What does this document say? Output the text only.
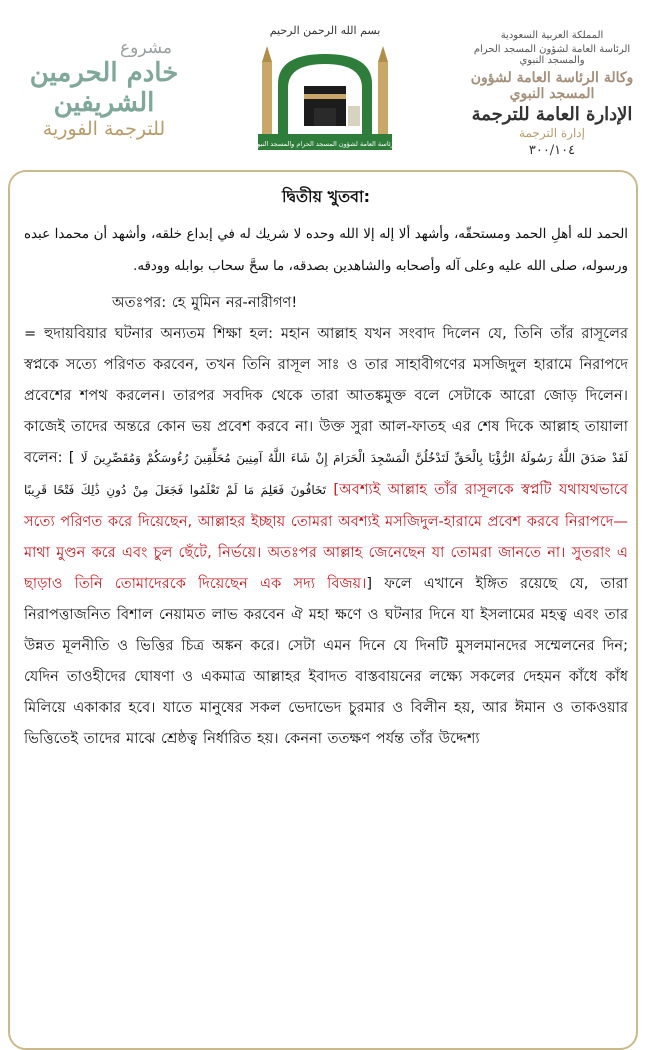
مشروع
خادم الحرمين الشريفين
للترجمة الفورية
بسم الله الرحمن الرحيم
الرئاسة العامة لشؤون المسجد الحرام والمسجد النبوي
المملكة العربية السعودية
الرئاسة العامة لشؤون المسجد الحرام والمسجد النبوي
وكالة الرئاسة العامة لشؤون المسجد النبوي
الإدارة العامة للترجمة
إدارة الترجمة
٣٠٠/١٠٤
দ্বিতীয় খুতবা:

الحمد لله أهلِ الحمد ومستحقّه، وأشهد ألا إله إلا الله وحده لا شريك له في إبداع خلقه، وأشهد أن محمدا عبده ورسوله، صلى الله عليه وعلى آله وأصحابه والشاهدين بصدقه، ما سحَّ سحاب بوابله وودقه.

অতঃপর: হে মুমিন নর-নারীগণ!

= হুদায়বিয়ার ঘটনার অন্যতম শিক্ষা হল: মহান আল্লাহ যখন সংবাদ দিলেন যে, তিনি তাঁর রাসূলের স্বপ্নকে সত্যে পরিণত করবেন, তখন তিনি রাসূল সাঃ ও তার সাহাবীগণের মসজিদুল হারামে নিরাপদে প্রবেশের শপথ করলেন। তারপর সবদিক থেকে তারা আতঙ্কমুক্ত বলে সেটাকে আরো জোড় দিলেন। কাজেই তাদের অন্তরে কোন ভয় প্রবেশ করবে না। উক্ত সুরা আল-ফাতহ এর শেষ দিকে আল্লাহ তায়ালা বলেন: [ لَقَدْ صَدَقَ اللَّهُ رَسُولَهُ الرُّؤْيَا بِالْحَقِّ لَتَدْخُلُنَّ الْمَسْجِدَ الْحَرَامَ إِنْ شَاءَ اللَّهُ آمِنِينَ مُحَلِّقِينَ رُءُوسَكُمْ وَمُقَصِّرِينَ لَا تَخَافُونَ فَعَلِمَ مَا لَمْ تَعْلَمُوا فَجَعَلَ مِنْ دُونِ ذَٰلِكَ فَتْحًا قَرِيبًا [অবশ্যই আল্লাহ তাঁর রাসূলকে স্বপ্নটি যথাযথভাবে সত্যে পরিণত করে দিয়েছেন, আল্লাহর ইচ্ছায় তোমরা অবশ্যই মসজিদুল-হারামে প্রবেশ করবে নিরাপদে—মাথা মুণ্ডন করে এবং চুল ছেঁটে, নির্ভয়ে। অতঃপর আল্লাহ জেনেছেন যা তোমরা জানতে না। সুতরাং এ ছাড়াও তিনি তোমাদেরকে দিয়েছেন এক সদ্য বিজয়।] ফলে এখানে ইঙ্গিত রয়েছে যে, তারা নিরাপত্তাজনিত বিশাল নেয়ামত লাভ করবেন ঐ মহা ক্ষণে ও ঘটনার দিনে যা ইসলামের মহত্ব এবং তার উন্নত মূলনীতি ও ভিত্তির চিত্র অঙ্কন করে। সেটা এমন দিনে যে দিনটি মুসলমানদের সম্মেলনের দিন; যেদিন তাওহীদের ঘোষণা ও একমাত্র আল্লাহর ইবাদত বাস্তবায়নের লক্ষ্যে সকলের দেহমন কাঁধে কাঁধ মিলিয়ে একাকার হবে। যাতে মানুষের সকল ভেদাভেদ চুরমার ও বিলীন হয়, আর ঈমান ও তাকওয়ার ভিত্তিতেই তাদের মাঝে শ্রেষ্ঠত্ব নির্ধারিত হয়। কেননা ততক্ষণ পর্যন্ত তাঁর উদ্দেশ্য
